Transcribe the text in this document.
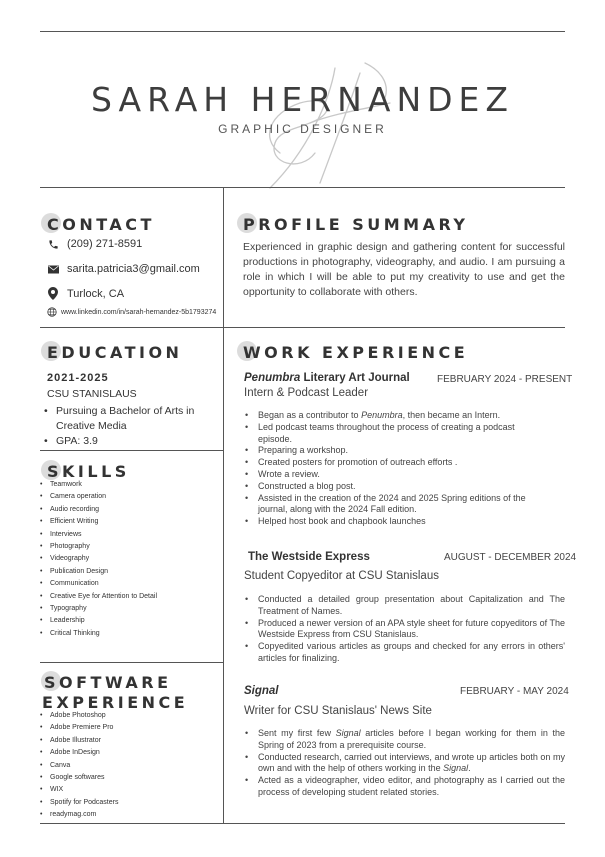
SARAH HERNANDEZ
GRAPHIC DESIGNER
CONTACT
(209) 271-8591
sarita.patricia3@gmail.com
Turlock, CA
www.linkedin.com/in/sarah-hernandez-5b1793274
PROFILE SUMMARY
Experienced in graphic design and gathering content for successful productions in photography, videography, and audio. I am pursuing a role in which I will be able to put my creativity to use and get the opportunity to collaborate with others.
EDUCATION
2021-2025
CSU STANISLAUS
• Pursuing a Bachelor of Arts in Creative Media
• GPA: 3.9
SKILLS
• Teamwork
• Camera operation
• Audio recording
• Efficient Writing
• Interviews
• Photography
• Videography
• Publication Design
• Communication
• Creative Eye for Attention to Detail
• Typography
• Leadership
• Critical Thinking
SOFTWARE
EXPERIENCE
• Adobe Photoshop
• Adobe Premiere Pro
• Adobe Illustrator
• Adobe InDesign
• Canva
• Google softwares
• WIX
• Spotify for Podcasters
• readymag.com
WORK EXPERIENCE
Penumbra Literary Art Journal	FEBRUARY 2024 - PRESENT
Intern & Podcast Leader
• Began as a contributor to Penumbra, then became an Intern.
• Led podcast teams throughout the process of creating a podcast episode.
• Preparing a workshop.
• Created posters for promotion of outreach efforts .
• Wrote a review.
• Constructed a blog post.
• Assisted in the creation of the 2024 and 2025 Spring editions of the journal, along with the 2024 Fall edition.
• Helped host book and chapbook launches
The Westside Express	AUGUST - DECEMBER 2024
Student Copyeditor at CSU Stanislaus
• Conducted a detailed group presentation about Capitalization and The Treatment of Names.
• Produced a newer version of an APA style sheet for future copyeditors of The Westside Express from CSU Stanislaus.
• Copyedited various articles as groups and checked for any errors in others' articles for finalizing.
Signal	FEBRUARY - MAY 2024
Writer for CSU Stanislaus' News Site
• Sent my first few Signal articles before I began working for them in the Spring of 2023 from a prerequisite course.
• Conducted research, carried out interviews, and wrote up articles both on my own and with the help of others working in the Signal.
• Acted as a videographer, video editor, and photography as I carried out the process of developing student related stories.
